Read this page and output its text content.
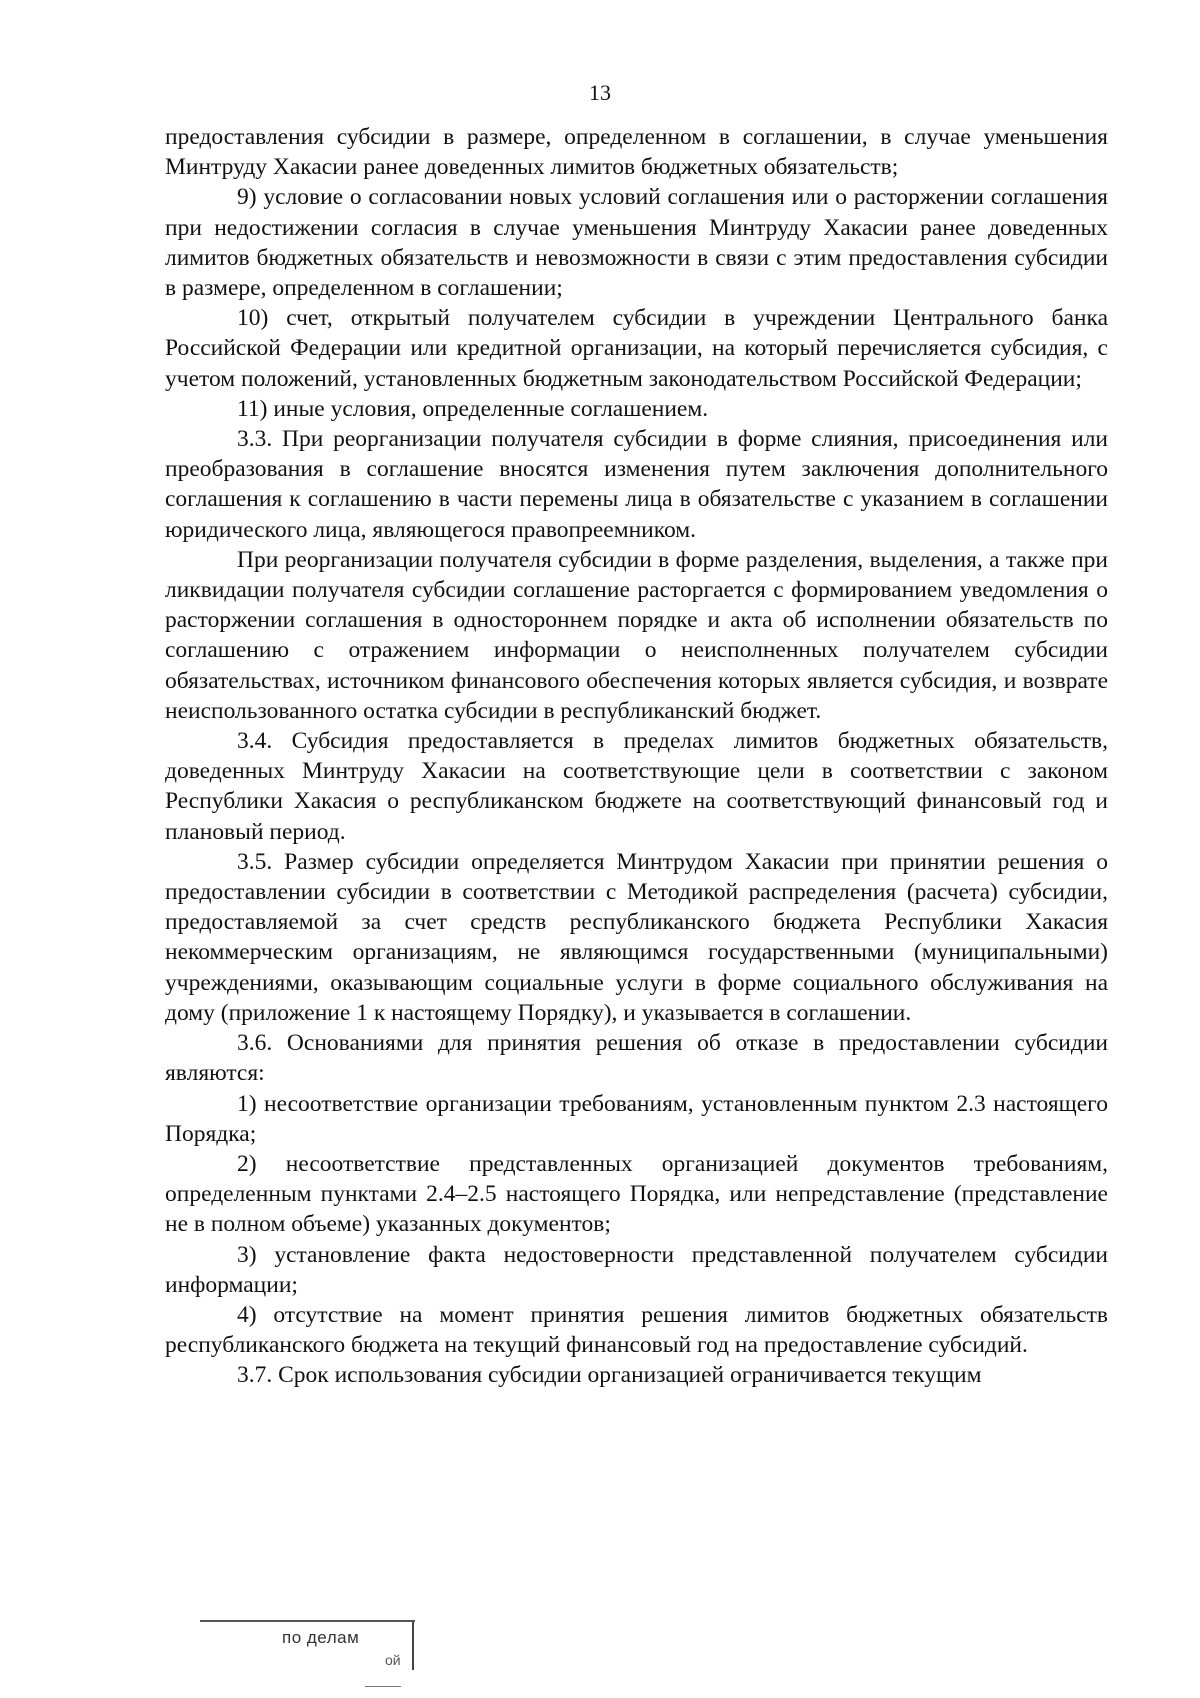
13

предоставления субсидии в размере, определенном в соглашении, в случае уменьшения Минтруду Хакасии ранее доведенных лимитов бюджетных обязательств;

9) условие о согласовании новых условий соглашения или о расторжении соглашения при недостижении согласия в случае уменьшения Минтруду Хакасии ранее доведенных лимитов бюджетных обязательств и невозможности в связи с этим предоставления субсидии в размере, определенном в соглашении;

10) счет, открытый получателем субсидии в учреждении Центрального банка Российской Федерации или кредитной организации, на который перечисляется субсидия, с учетом положений, установленных бюджетным законодательством Российской Федерации;

11) иные условия, определенные соглашением.

3.3. При реорганизации получателя субсидии в форме слияния, присоединения или преобразования в соглашение вносятся изменения путем заключения дополнительного соглашения к соглашению в части перемены лица в обязательстве с указанием в соглашении юридического лица, являющегося правопреемником.

При реорганизации получателя субсидии в форме разделения, выделения, а также при ликвидации получателя субсидии соглашение расторгается с формированием уведомления о расторжении соглашения в одностороннем порядке и акта об исполнении обязательств по соглашению с отражением информации о неисполненных получателем субсидии обязательствах, источником финансового обеспечения которых является субсидия, и возврате неиспользованного остатка субсидии в республиканский бюджет.

3.4. Субсидия предоставляется в пределах лимитов бюджетных обязательств, доведенных Минтруду Хакасии на соответствующие цели в соответствии с законом Республики Хакасия о республиканском бюджете на соответствующий финансовый год и плановый период.

3.5. Размер субсидии определяется Минтрудом Хакасии при принятии решения о предоставлении субсидии в соответствии с Методикой распределения (расчета) субсидии, предоставляемой за счет средств республиканского бюджета Республики Хакасия некоммерческим организациям, не являющимся государственными (муниципальными) учреждениями, оказывающим социальные услуги в форме социального обслуживания на дому (приложение 1 к настоящему Порядку), и указывается в соглашении.

3.6. Основаниями для принятия решения об отказе в предоставлении субсидии являются:

1) несоответствие организации требованиям, установленным пунктом 2.3 настоящего Порядка;

2) несоответствие представленных организацией документов требованиям, определенным пунктами 2.4–2.5 настоящего Порядка, или непредставление (представление не в полном объеме) указанных документов;

3) установление факта недостоверности представленной получателем субсидии информации;

4) отсутствие на момент принятия решения лимитов бюджетных обязательств республиканского бюджета на текущий финансовый год на предоставление субсидий.

3.7. Срок использования субсидии организацией ограничивается текущим

по делам
ой
